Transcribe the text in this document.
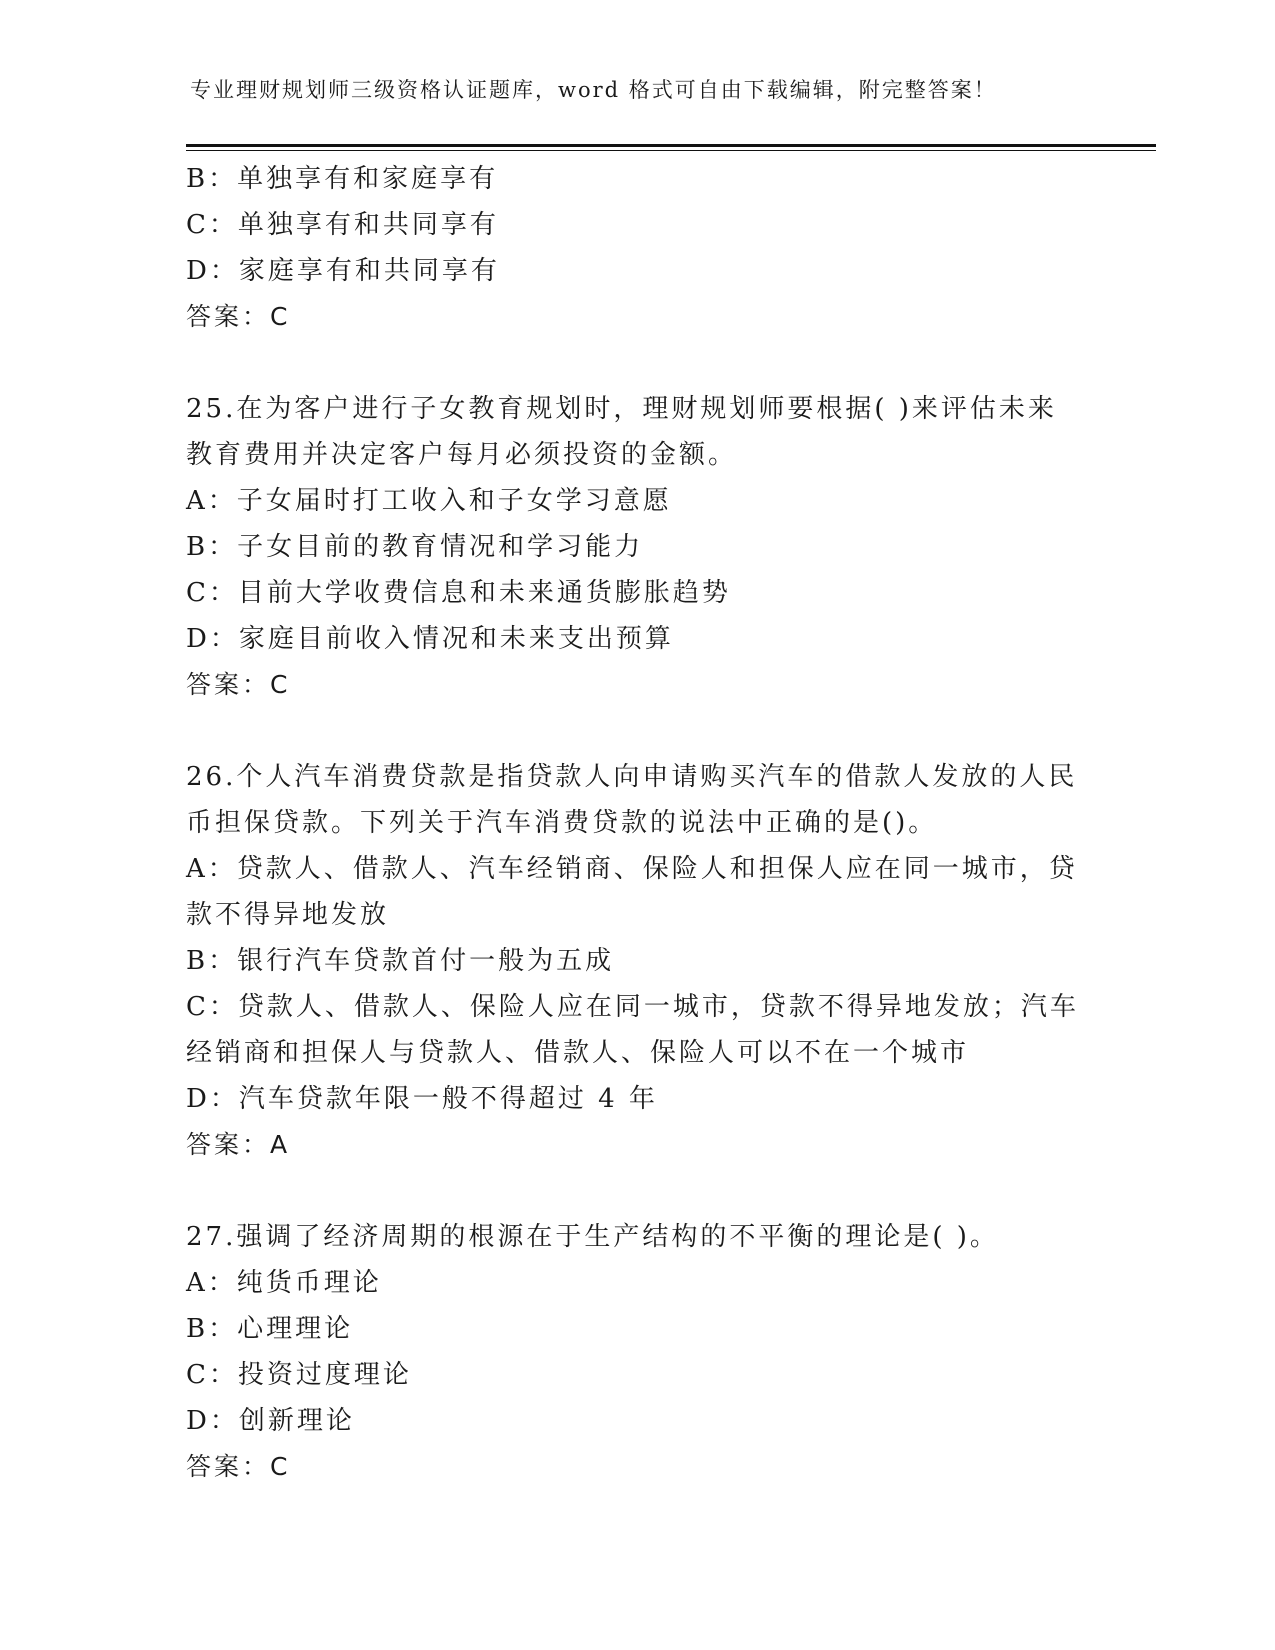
专业理财规划师三级资格认证题库，word 格式可自由下载编辑，附完整答案！
B：单独享有和家庭享有
C：单独享有和共同享有
D：家庭享有和共同享有
答案：C
25.在为客户进行子女教育规划时，理财规划师要根据( )来评估未来
教育费用并决定客户每月必须投资的金额。
A：子女届时打工收入和子女学习意愿
B：子女目前的教育情况和学习能力
C：目前大学收费信息和未来通货膨胀趋势
D：家庭目前收入情况和未来支出预算
答案：C
26.个人汽车消费贷款是指贷款人向申请购买汽车的借款人发放的人民
币担保贷款。下列关于汽车消费贷款的说法中正确的是()。
A：贷款人、借款人、汽车经销商、保险人和担保人应在同一城市，贷
款不得异地发放
B：银行汽车贷款首付一般为五成
C：贷款人、借款人、保险人应在同一城市，贷款不得异地发放；汽车
经销商和担保人与贷款人、借款人、保险人可以不在一个城市
D：汽车贷款年限一般不得超过 4 年
答案：A
27.强调了经济周期的根源在于生产结构的不平衡的理论是( )。
A：纯货币理论
B：心理理论
C：投资过度理论
D：创新理论
答案：C
